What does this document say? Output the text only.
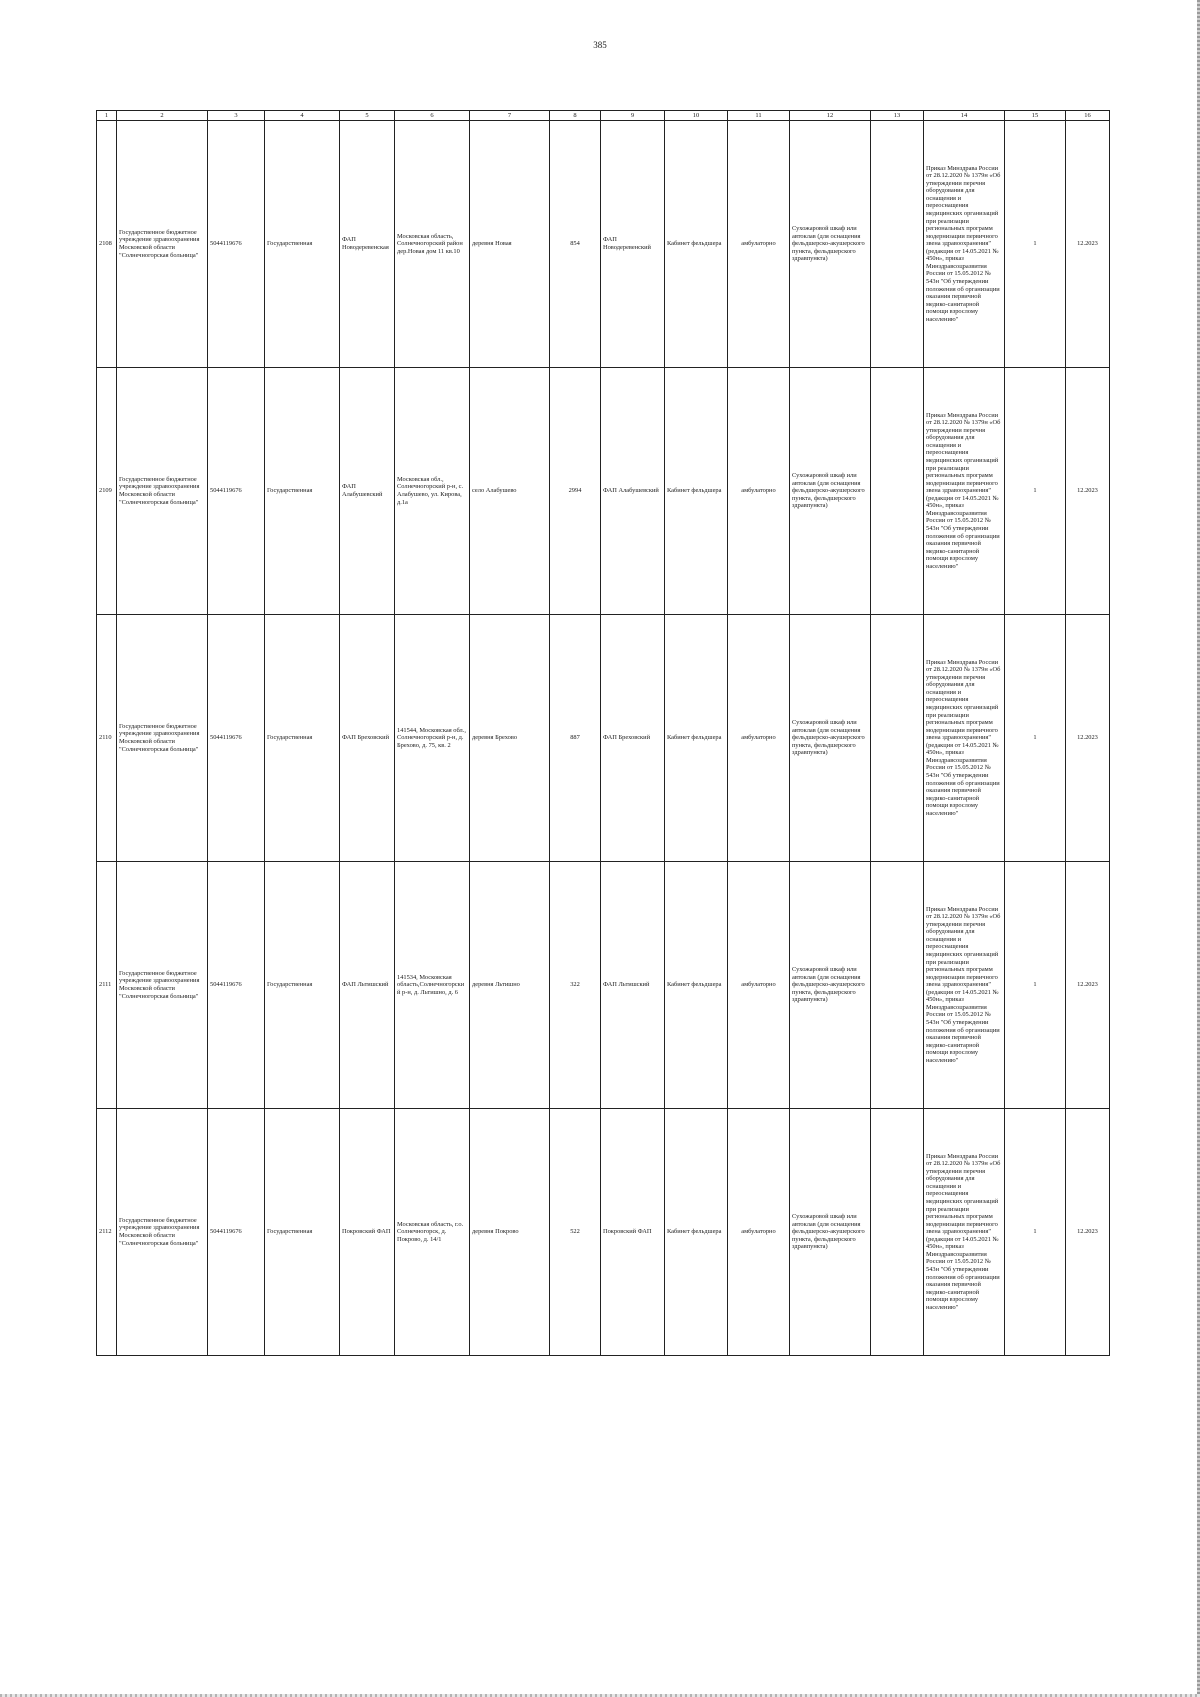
385
1	2	3	4	5	6	7	8	9	10	11	12	13	14	15	16
2108	Государственное бюджетное учреждение здравоохранения Московской области "Солнечногорская больница"	5044119676	Государственная	ФАП Новодеревенская	Московская область, Солнечногорский район дер.Новая дом 11 кв.10	деревня Новая	854	ФАП Новодеревенский	Кабинет фельдшера	амбулаторно	Сухожаровой шкаф или автоклав (для оснащения фельдшерско-акушерского пункта, фельдшерского здравпункта)		Приказ Минздрава России от 28.12.2020 № 1379н «Об утверждении перечня оборудования для оснащения и переоснащения медицинских организаций при реализации региональных программ модернизации первичного звена здравоохранения"(редакция от 14.05.2021 № 450н», приказ Минздравсоцразвития России от 15.05.2012 № 543н "Об утверждении положения об организации оказания первичной медико-санитарной помощи взрослому населению"	1	12.2023
2109	Государственное бюджетное учреждение здравоохранения Московской области "Солнечногорская больница"	5044119676	Государственная	ФАП Алабушевский	Московская обл., Солнечногорский р-н, с. Алабушево, ул. Кирова, д.1а	село Алабушево	2994	ФАП Алабушевский	Кабинет фельдшера	амбулаторно	Сухожаровой шкаф или автоклав (для оснащения фельдшерско-акушерского пункта, фельдшерского здравпункта)		Приказ Минздрава России от 28.12.2020 № 1379н «Об утверждении перечня оборудования для оснащения и переоснащения медицинских организаций при реализации региональных программ модернизации первичного звена здравоохранения"(редакция от 14.05.2021 № 450н», приказ Минздравсоцразвития России от 15.05.2012 № 543н "Об утверждении положения об организации оказания первичной медико-санитарной помощи взрослому населению"	1	12.2023
2110	Государственное бюджетное учреждение здравоохранения Московской области "Солнечногорская больница"	5044119676	Государственная	ФАП Бреховский	141544, Московская обл., Солнечногорский р-н, д. Брехово, д. 75, кв. 2	деревня Брехово	887	ФАП Бреховский	Кабинет фельдшера	амбулаторно	Сухожаровой шкаф или автоклав (для оснащения фельдшерско-акушерского пункта, фельдшерского здравпункта)		Приказ Минздрава России от 28.12.2020 № 1379н «Об утверждении перечня оборудования для оснащения и переоснащения медицинских организаций при реализации региональных программ модернизации первичного звена здравоохранения"(редакция от 14.05.2021 № 450н», приказ Минздравсоцразвития России от 15.05.2012 № 543н "Об утверждении положения об организации оказания первичной медико-санитарной помощи взрослому населению"	1	12.2023
2111	Государственное бюджетное учреждение здравоохранения Московской области "Солнечногорская больница"	5044119676	Государственная	ФАП Льтишский	141534, Московская область,Солнечногорский р-н, д. Льтишно, д. 6	деревня Льтишно	322	ФАП Льтишский	Кабинет фельдшера	амбулаторно	Сухожаровой шкаф или автоклав (для оснащения фельдшерско-акушерского пункта, фельдшерского здравпункта)		Приказ Минздрава России от 28.12.2020 № 1379н «Об утверждении перечня оборудования для оснащения и переоснащения медицинских организаций при реализации региональных программ модернизации первичного звена здравоохранения"(редакция от 14.05.2021 № 450н», приказ Минздравсоцразвития России от 15.05.2012 № 543н "Об утверждении положения об организации оказания первичной медико-санитарной помощи взрослому населению"	1	12.2023
2112	Государственное бюджетное учреждение здравоохранения Московской области "Солнечногорская больница"	5044119676	Государственная	Покровский ФАП	Московская область, г.о. Солнечногорск, д. Покрово, д. 14/1	деревня Покрово	522	Покровский ФАП	Кабинет фельдшера	амбулаторно	Сухожаровой шкаф или автоклав (для оснащения фельдшерско-акушерского пункта, фельдшерского здравпункта)		Приказ Минздрава России от 28.12.2020 № 1379н «Об утверждении перечня оборудования для оснащения и переоснащения медицинских организаций при реализации региональных программ модернизации первичного звена здравоохранения"(редакция от 14.05.2021 № 450н», приказ Минздравсоцразвития России от 15.05.2012 № 543н "Об утверждении положения об организации оказания первичной медико-санитарной помощи взрослому населению"	1	12.2023
